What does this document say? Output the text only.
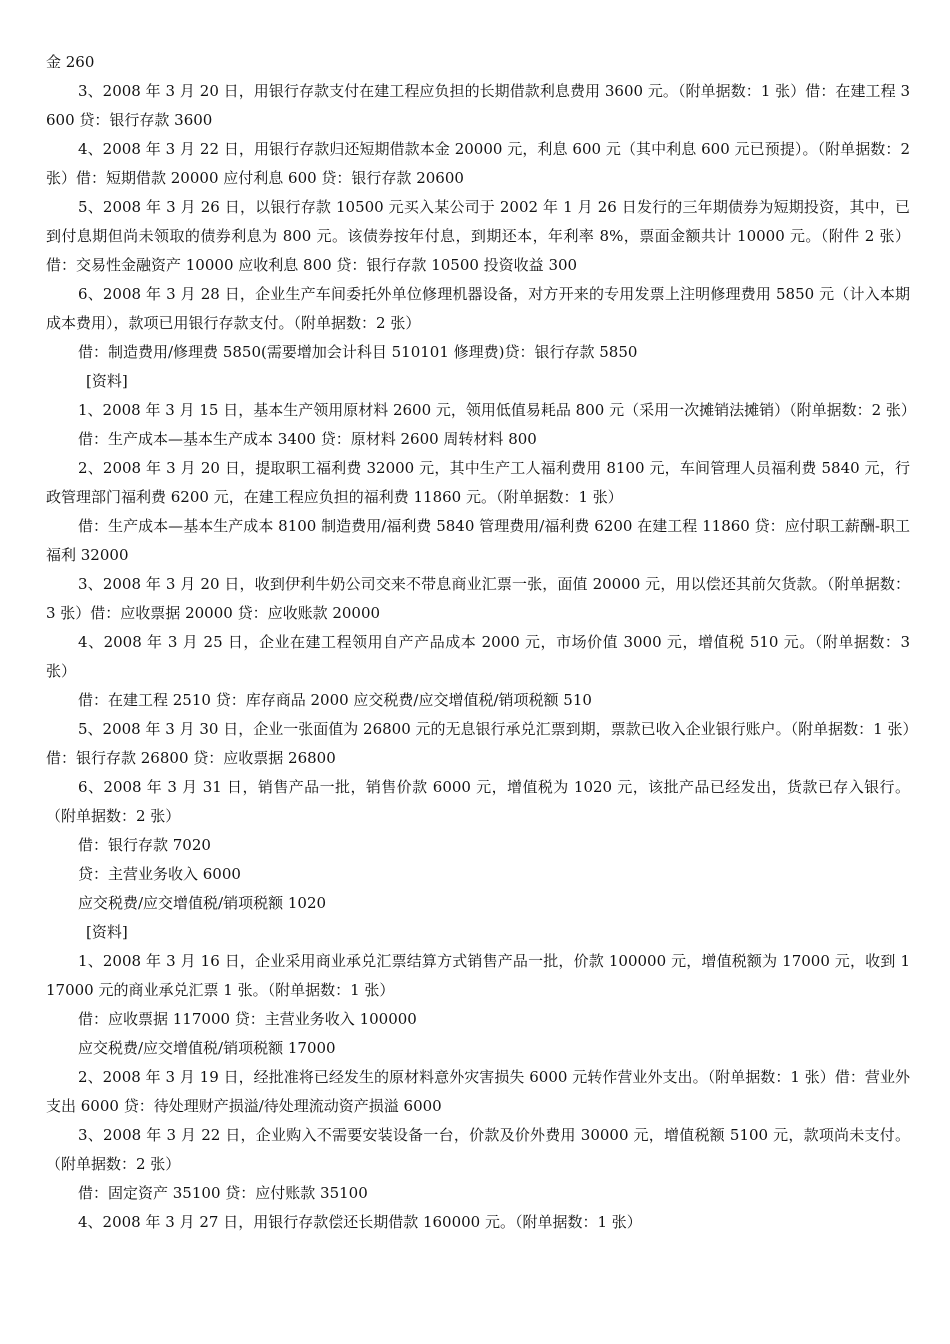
金 260

3、2008 年 3 月 20 日，用银行存款支付在建工程应负担的长期借款利息费用 3600 元。（附单据数：1 张）借：在建工程 3600 贷：银行存款 3600

4、2008 年 3 月 22 日，用银行存款归还短期借款本金 20000 元，利息 600 元（其中利息 600 元已预提）。（附单据数：2 张）借：短期借款 20000 应付利息 600 贷：银行存款 20600

5、2008 年 3 月 26 日，以银行存款 10500 元买入某公司于 2002 年 1 月 26 日发行的三年期债券为短期投资，其中，已到付息期但尚未领取的债券利息为 800 元。该债券按年付息，到期还本，年利率 8%，票面金额共计 10000 元。（附件 2 张）借：交易性金融资产 10000 应收利息 800 贷：银行存款 10500 投资收益 300

6、2008 年 3 月 28 日，企业生产车间委托外单位修理机器设备，对方开来的专用发票上注明修理费用 5850 元（计入本期成本费用），款项已用银行存款支付。（附单据数：2 张）

借：制造费用/修理费 5850(需要增加会计科目 510101 修理费)贷：银行存款 5850

[资料]

1、2008 年 3 月 15 日，基本生产领用原材料 2600 元，领用低值易耗品 800 元（采用一次摊销法摊销）（附单据数：2 张）

借：生产成本—基本生产成本 3400 贷：原材料 2600 周转材料 800

2、2008 年 3 月 20 日，提取职工福利费 32000 元，其中生产工人福利费用 8100 元，车间管理人员福利费 5840 元，行政管理部门福利费 6200 元，在建工程应负担的福利费 11860 元。（附单据数：1 张）

借：生产成本—基本生产成本 8100 制造费用/福利费 5840 管理费用/福利费 6200 在建工程 11860 贷：应付职工薪酬-职工福利 32000

3、2008 年 3 月 20 日，收到伊利牛奶公司交来不带息商业汇票一张，面值 20000 元，用以偿还其前欠货款。（附单据数：3 张）借：应收票据 20000 贷：应收账款 20000

4、2008 年 3 月 25 日，企业在建工程领用自产产品成本 2000 元，市场价值 3000 元，增值税 510 元。（附单据数：3 张）

借：在建工程 2510 贷：库存商品 2000 应交税费/应交增值税/销项税额 510

5、2008 年 3 月 30 日，企业一张面值为 26800 元的无息银行承兑汇票到期，票款已收入企业银行账户。（附单据数：1 张）借：银行存款 26800 贷：应收票据 26800

6、2008 年 3 月 31 日，销售产品一批，销售价款 6000 元，增值税为 1020 元，该批产品已经发出，货款已存入银行。（附单据数：2 张）

借：银行存款 7020

贷：主营业务收入 6000

应交税费/应交增值税/销项税额 1020

[资料]

1、2008 年 3 月 16 日，企业采用商业承兑汇票结算方式销售产品一批，价款 100000 元，增值税额为 17000 元，收到 117000 元的商业承兑汇票 1 张。（附单据数：1 张）

借：应收票据 117000 贷：主营业务收入 100000

应交税费/应交增值税/销项税额 17000

2、2008 年 3 月 19 日，经批准将已经发生的原材料意外灾害损失 6000 元转作营业外支出。（附单据数：1 张）借：营业外支出 6000 贷：待处理财产损溢/待处理流动资产损溢 6000

3、2008 年 3 月 22 日，企业购入不需要安装设备一台，价款及价外费用 30000 元，增值税额 5100 元，款项尚未支付。（附单据数：2 张）

借：固定资产 35100 贷：应付账款 35100

4、2008 年 3 月 27 日，用银行存款偿还长期借款 160000 元。（附单据数：1 张）
